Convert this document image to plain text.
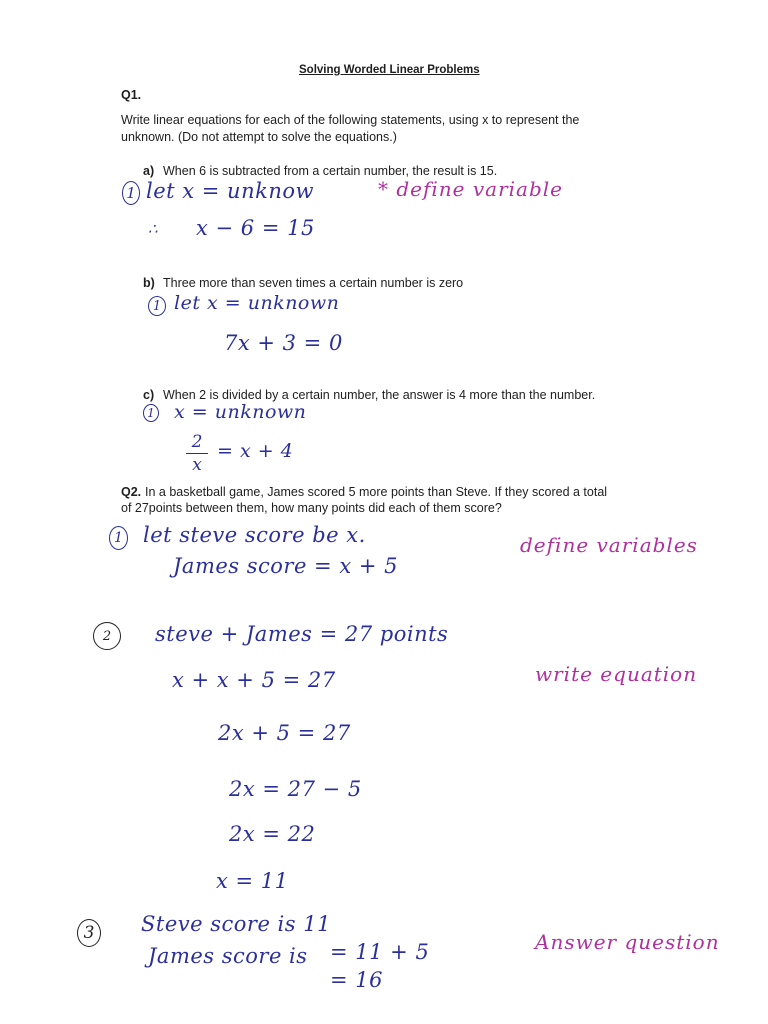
Solving Worded Linear Problems
Q1.
Write linear equations for each of the following statements, using x to represent the
unknown. (Do not attempt to solve the equations.)
a) When 6 is subtracted from a certain number, the result is 15.
1 let x = unknow	* define variable
∴ x − 6 = 15
b) Three more than seven times a certain number is zero
1 let x = unknown
7x + 3 = 0
c) When 2 is divided by a certain number, the answer is 4 more than the number.
1 x = unknown
2
x
= x + 4
Q2. In a basketball game, James scored 5 more points than Steve. If they scored a total
of 27points between them, how many points did each of them score?
1 let steve score be x.
James score = x + 5
define variables
2 steve + James = 27 points
x + x + 5 = 27	write equation
2x + 5 = 27
2x = 27 − 5
2x = 22
x = 11
3 Steve score is 11
James score is = 11 + 5
= 16
Answer question
